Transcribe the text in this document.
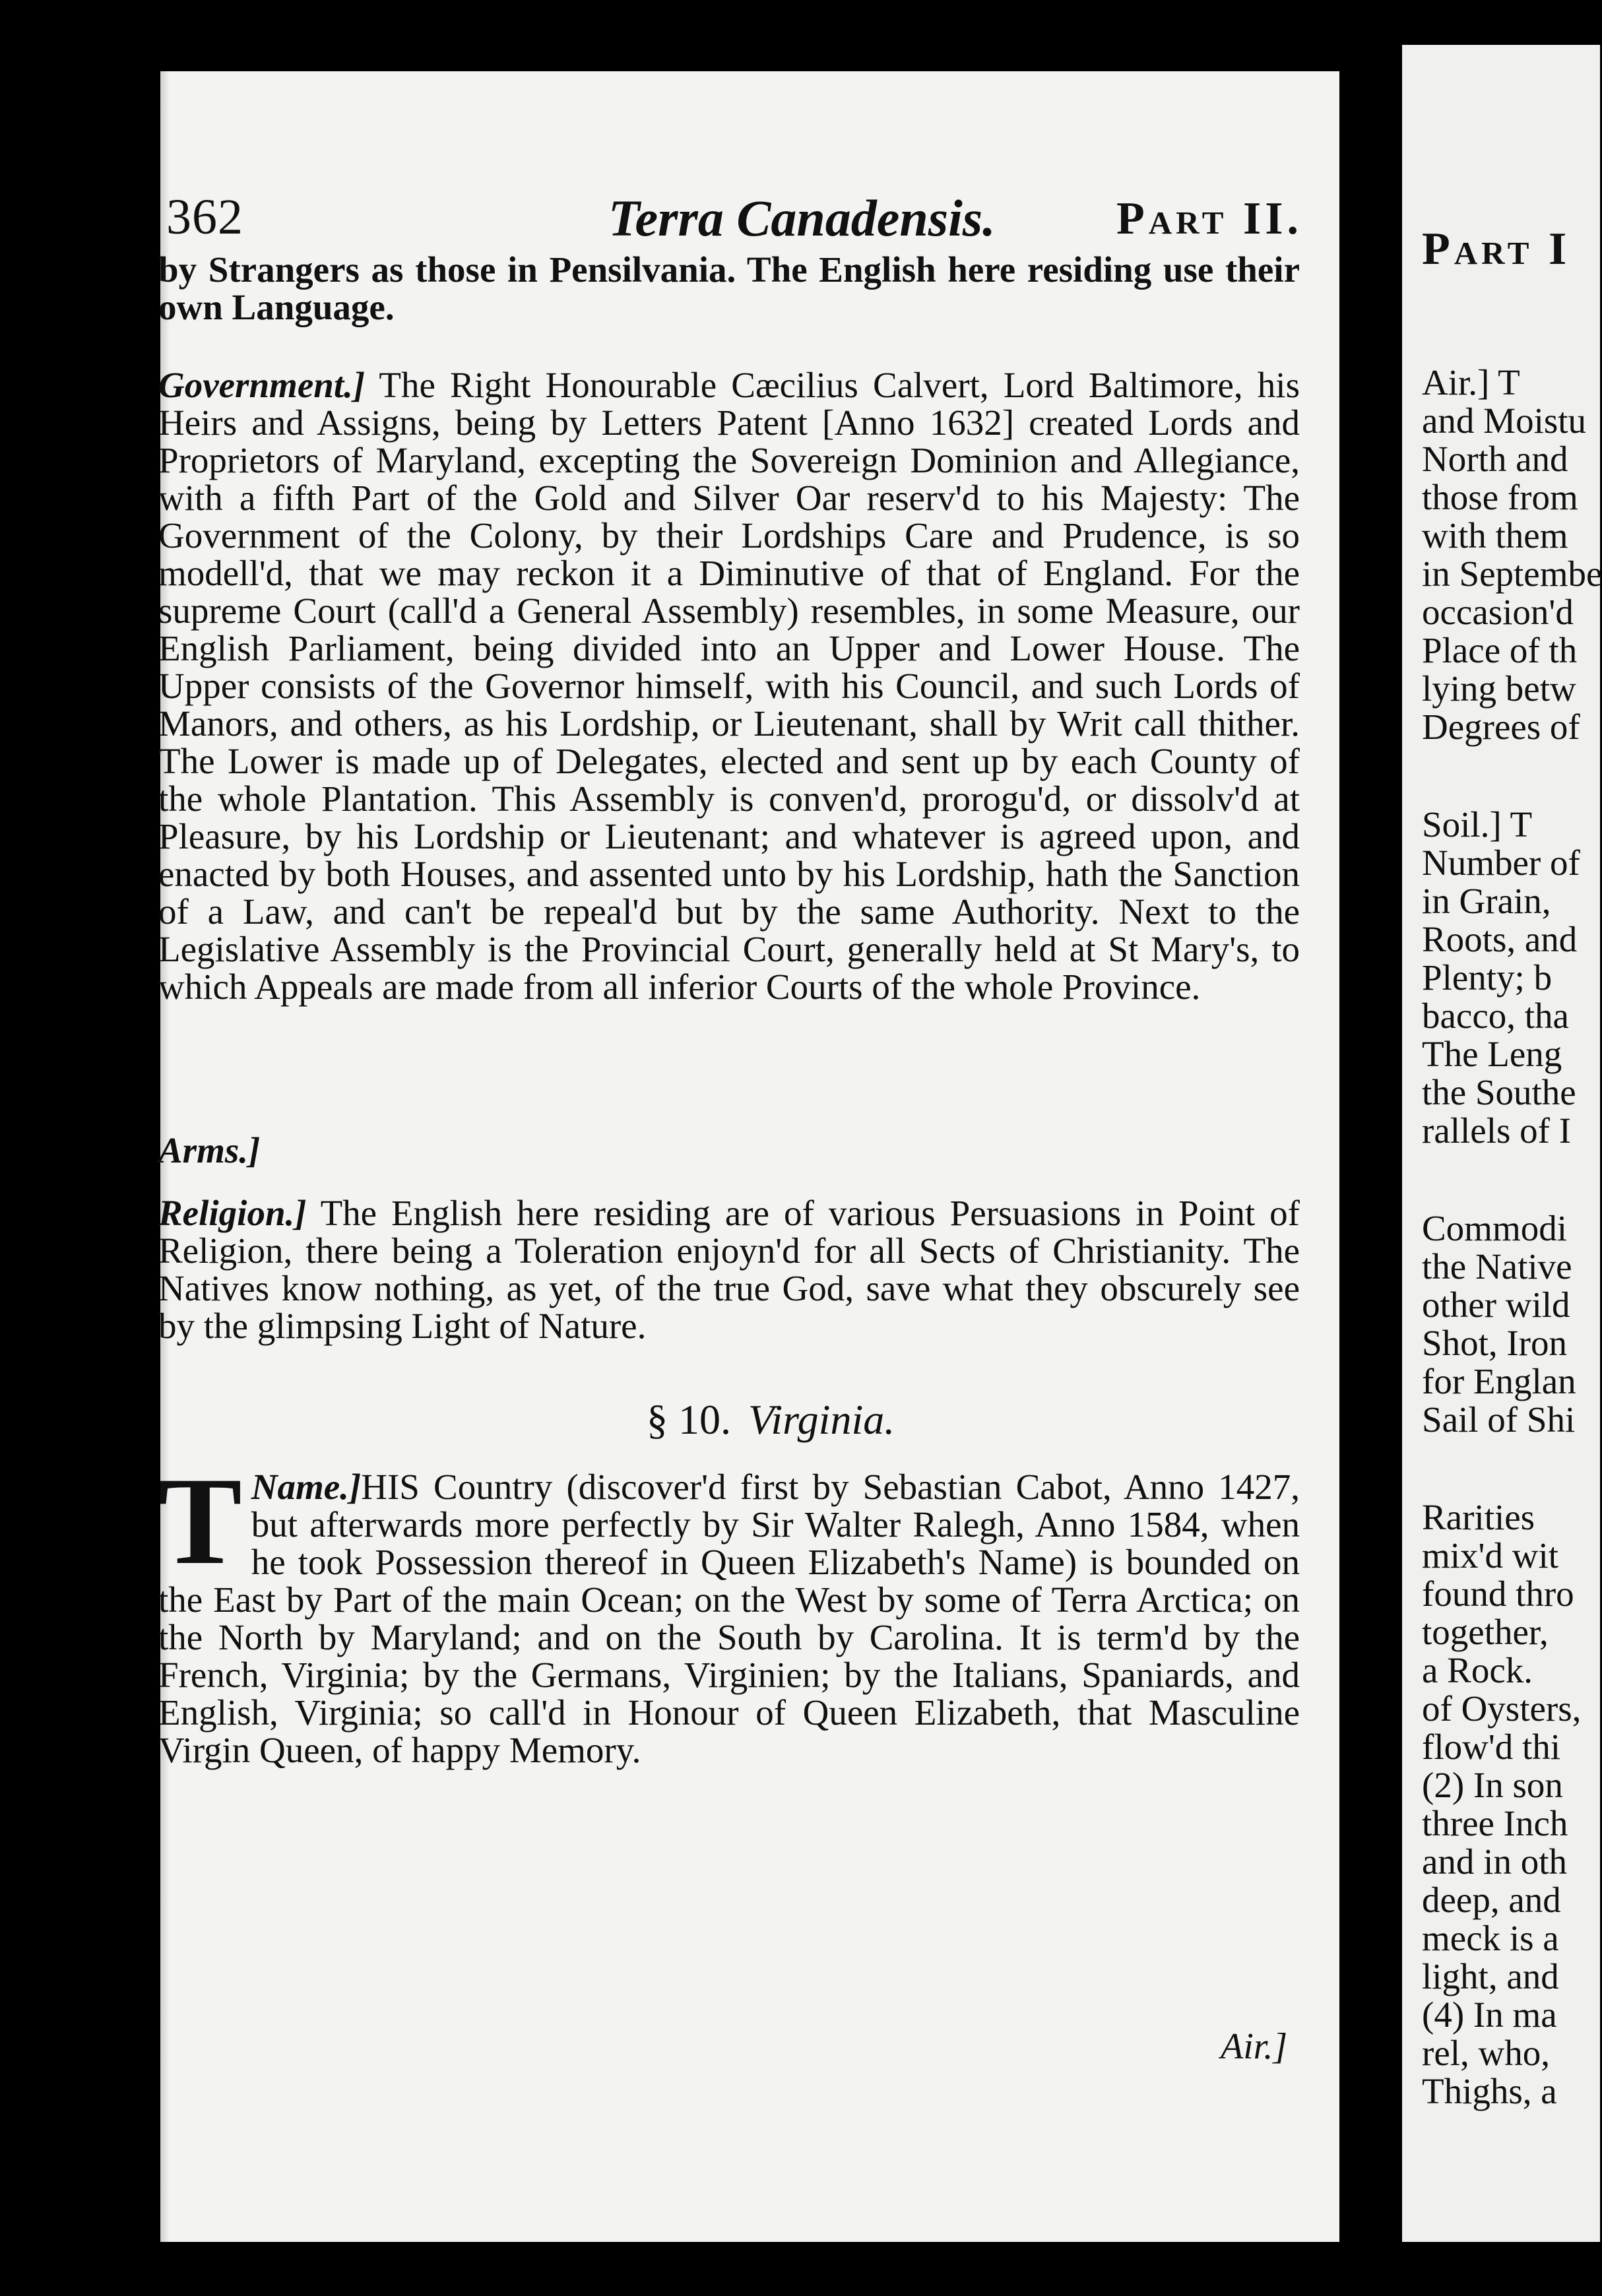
362	Terra Canadensis.	Part II.

by Strangers as those in Pensilvania. The English here residing use their own Language.

Government.] The Right Honourable Cæcilius Calvert, Lord Baltimore, his Heirs and Assigns, being by Letters Patent [Anno 1632] created Lords and Proprietors of Maryland, excepting the Sovereign Dominion and Allegiance, with a fifth Part of the Gold and Silver Oar reserv'd to his Majesty: The Government of the Colony, by their Lordships Care and Prudence, is so modell'd, that we may reckon it a Diminutive of that of England. For the supreme Court (call'd a General Assembly) resembles, in some Measure, our English Parliament, being divided into an Upper and Lower House. The Upper consists of the Governor himself, with his Council, and such Lords of Manors, and others, as his Lordship, or Lieutenant, shall by Writ call thither. The Lower is made up of Delegates, elected and sent up by each County of the whole Plantation. This Assembly is conven'd, prorogu'd, or dissolv'd at Pleasure, by his Lordship or Lieutenant; and whatever is agreed upon, and enacted by both Houses, and assented unto by his Lordship, hath the Sanction of a Law, and can't be repeal'd but by the same Authority. Next to the Legislative Assembly is the Provincial Court, generally held at St Mary's, to which Appeals are made from all inferior Courts of the whole Province.

Arms.]

Religion.] The English here residing are of various Persuasions in Point of Religion, there being a Toleration enjoyn'd for all Sects of Christianity. The Natives know nothing, as yet, of the true God, save what they obscurely see by the glimpsing Light of Nature.

§ 10. Virginia.

Name.]
T	HIS Country (discover'd first by Sebastian Cabot, Anno 1427, but afterwards more perfectly by Sir Walter Ralegh, Anno 1584, when he took Possession thereof in Queen Elizabeth's Name) is bounded on the East by Part of the main Ocean; on the West by some of Terra Arctica; on the North by Maryland; and on the South by Carolina. It is term'd by the French, Virginia; by the Germans, Virginien; by the Italians, Spaniards, and English, Virginia; so call'd in Honour of Queen Elizabeth, that Masculine Virgin Queen, of happy Memory.

Air.]
Part I
Air.] T
and Moistu
North and
those from
with them
in Septembe
occasion'd
Place of th
lying betw
Degrees of
Soil.] T
Number of
in Grain,
Roots, and
Plenty; b
bacco, tha
The Leng
the Southe
rallels of I
Commodi
the Native
other wild
Shot, Iron
for Englan
Sail of Shi
Rarities
mix'd wit
found thro
together,
a Rock.
of Oysters,
flow'd thi
(2) In son
three Inch
and in oth
deep, and
meck is a
light, and
(4) In ma
rel, who,
Thighs, a
